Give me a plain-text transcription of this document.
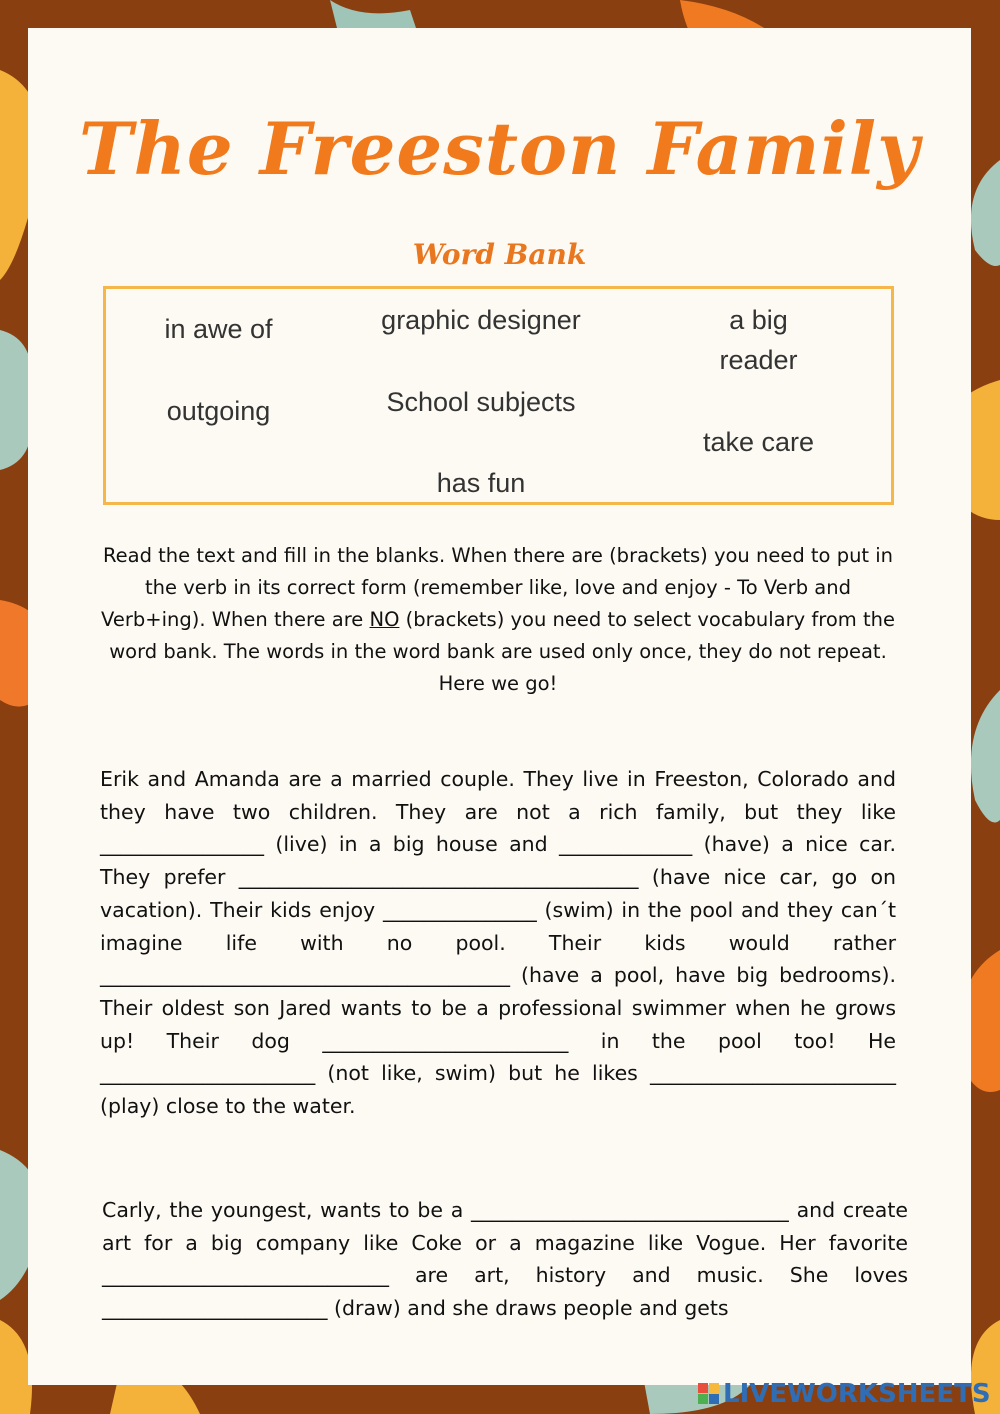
The Freeston Family
Word Bank
in awe of	graphic designer	a big reader
outgoing	School subjects
take care
has fun

Read the text and fill in the blanks. When there are (brackets) you need to put in the verb in its correct form (remember like, love and enjoy - To Verb and Verb+ing). When there are NO (brackets) you need to select vocabulary from the word bank. The words in the word bank are used only once, they do not repeat.
Here we go!

Erik and Amanda are a married couple. They live in Freeston, Colorado and they have two children. They are not a rich family, but they like ________________ (live) in a big house and _____________ (have) a nice car. They prefer _______________________________________ (have nice car, go on vacation). Their kids enjoy _______________ (swim) in the pool and they can´t imagine life with no pool. Their kids would rather ________________________________________ (have a pool, have big bedrooms). Their oldest son Jared wants to be a professional swimmer when he grows up! Their dog ________________________ in the pool too! He _____________________ (not like, swim) but he likes ________________________ (play) close to the water.

Carly, the youngest, wants to be a _______________________________ and create art for a big company like Coke or a magazine like Vogue. Her favorite ____________________________ are art, history and music. She loves ______________________ (draw) and she draws people and gets

LIVEWORKSHEETS
